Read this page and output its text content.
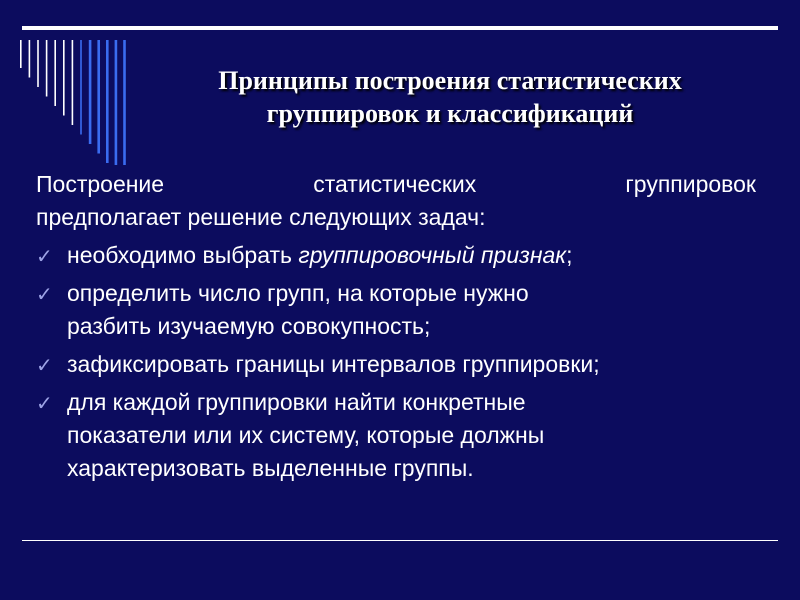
Принципы построения статистических
группировок и классификаций
Построение	статистических	группировок
предполагает решение следующих задач:
✓ необходимо выбрать группировочный признак;
✓ определить число групп, на которые нужно
разбить изучаемую совокупность;
✓ зафиксировать границы интервалов группировки;
✓ для каждой группировки найти конкретные
показатели или их систему, которые должны
характеризовать выделенные группы.
